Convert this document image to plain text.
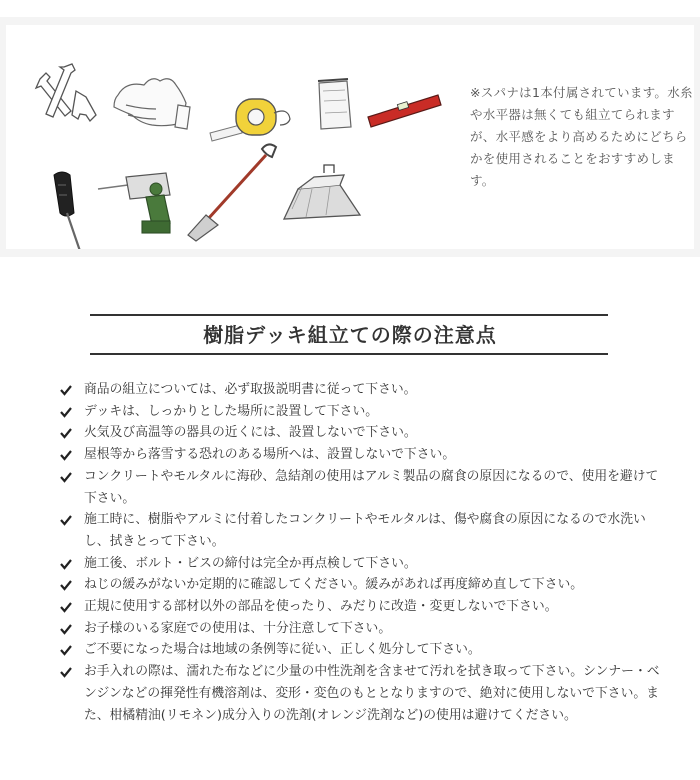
※スパナは1本付属されています。水糸や水平器は無くても組立てられますが、水平感をより高めるためにどちらかを使用されることをおすすめします。

樹脂デッキ組立ての際の注意点
商品の組立については、必ず取扱説明書に従って下さい。
デッキは、しっかりとした場所に設置して下さい。
火気及び高温等の器具の近くには、設置しないで下さい。
屋根等から落雪する恐れのある場所へは、設置しないで下さい。
コンクリートやモルタルに海砂、急結剤の使用はアルミ製品の腐食の原因になるので、使用を避けて下さい。
施工時に、樹脂やアルミに付着したコンクリートやモルタルは、傷や腐食の原因になるので水洗いし、拭きとって下さい。
施工後、ボルト・ビスの締付は完全か再点検して下さい。
ねじの緩みがないか定期的に確認してください。緩みがあれば再度締め直して下さい。
正規に使用する部材以外の部品を使ったり、みだりに改造・変更しないで下さい。
お子様のいる家庭での使用は、十分注意して下さい。
ご不要になった場合は地域の条例等に従い、正しく処分して下さい。
お手入れの際は、濡れた布などに少量の中性洗剤を含ませて汚れを拭き取って下さい。シンナー・ベンジンなどの揮発性有機溶剤は、変形・変色のもととなりますので、絶対に使用しないで下さい。また、柑橘精油(リモネン)成分入りの洗剤(オレンジ洗剤など)の使用は避けてください。
